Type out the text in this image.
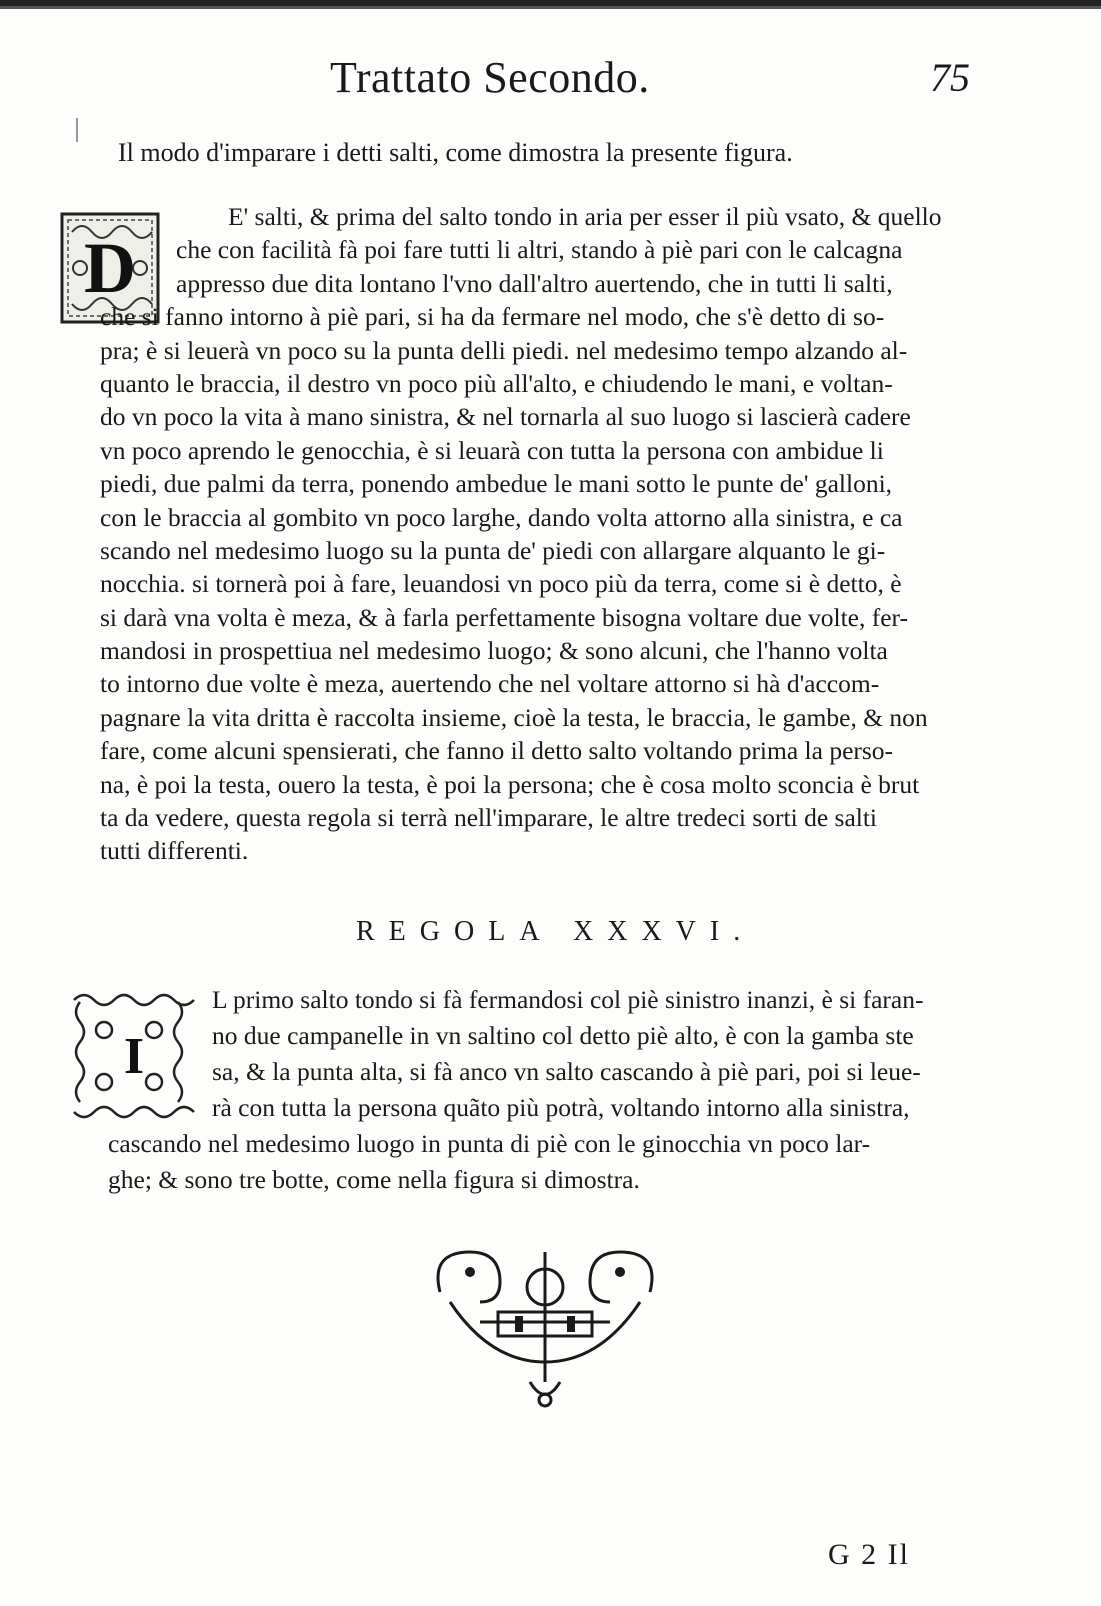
Trattato Secondo.	75
Il modo d'imparare i detti salti, come dimostra la presente figura.
D
E' salti, & prima del salto tondo in aria per esser il più vsato, & quello
che con facilità fà poi fare tutti li altri, stando à piè pari con le calcagna
appresso due dita lontano l'vno dall'altro auertendo, che in tutti li salti,
che si fanno intorno à piè pari, si ha da fermare nel modo, che s'è detto di so-
pra; è si leuerà vn poco su la punta delli piedi. nel medesimo tempo alzando al-
quanto le braccia, il destro vn poco più all'alto, e chiudendo le mani, e voltan-
do vn poco la vita à mano sinistra, & nel tornarla al suo luogo si lascierà cadere
vn poco aprendo le genocchia, è si leuarà con tutta la persona con ambidue li
piedi, due palmi da terra, ponendo ambedue le mani sotto le punte de' galloni,
con le braccia al gombito vn poco larghe, dando volta attorno alla sinistra, e ca
scando nel medesimo luogo su la punta de' piedi con allargare alquanto le gi-
nocchia. si tornerà poi à fare, leuandosi vn poco più da terra, come si è detto, è
si darà vna volta è meza, & à farla perfettamente bisogna voltare due volte, fer-
mandosi in prospettiua nel medesimo luogo; & sono alcuni, che l'hanno volta
to intorno due volte è meza, auertendo che nel voltare attorno si hà d'accom-
pagnare la vita dritta è raccolta insieme, cioè la testa, le braccia, le gambe, & non
fare, come alcuni spensierati, che fanno il detto salto voltando prima la perso-
na, è poi la testa, ouero la testa, è poi la persona; che è cosa molto sconcia è brut
ta da vedere, questa regola si terrà nell'imparare, le altre tredeci sorti de salti
tutti differenti.
REGOLA XXXVI.
I
L primo salto tondo si fà fermandosi col piè sinistro inanzi, è si faran-
no due campanelle in vn saltino col detto piè alto, è con la gamba ste
sa, & la punta alta, si fà anco vn salto cascando à piè pari, poi si leue-
rà con tutta la persona quãto più potrà, voltando intorno alla sinistra,
cascando nel medesimo luogo in punta di piè con le ginocchia vn poco lar-
ghe; & sono tre botte, come nella figura si dimostra.
G 2 Il
